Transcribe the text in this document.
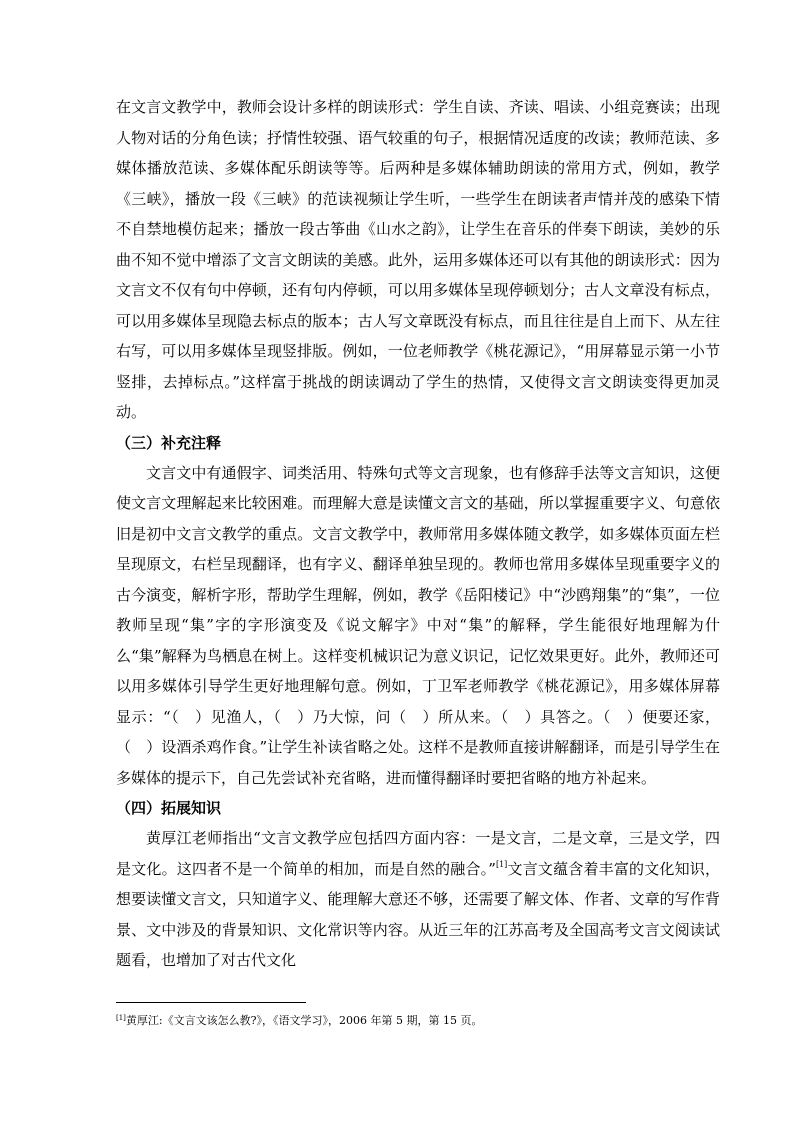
在文言文教学中，教师会设计多样的朗读形式：学生自读、齐读、唱读、小组竞赛读；出现人物对话的分角色读；抒情性较强、语气较重的句子，根据情况适度的改读；教师范读、多媒体播放范读、多媒体配乐朗读等等。后两种是多媒体辅助朗读的常用方式，例如，教学《三峡》，播放一段《三峡》的范读视频让学生听，一些学生在朗读者声情并茂的感染下情不自禁地模仿起来；播放一段古筝曲《山水之韵》，让学生在音乐的伴奏下朗读，美妙的乐曲不知不觉中增添了文言文朗读的美感。此外，运用多媒体还可以有其他的朗读形式：因为文言文不仅有句中停顿，还有句内停顿，可以用多媒体呈现停顿划分；古人文章没有标点，可以用多媒体呈现隐去标点的版本；古人写文章既没有标点，而且往往是自上而下、从左往右写，可以用多媒体呈现竖排版。例如，一位老师教学《桃花源记》，“用屏幕显示第一小节竖排，去掉标点。”这样富于挑战的朗读调动了学生的热情，又使得文言文朗读变得更加灵动。

（三）补充注释

文言文中有通假字、词类活用、特殊句式等文言现象，也有修辞手法等文言知识，这便使文言文理解起来比较困难。而理解大意是读懂文言文的基础，所以掌握重要字义、句意依旧是初中文言文教学的重点。文言文教学中，教师常用多媒体随文教学，如多媒体页面左栏呈现原文，右栏呈现翻译，也有字义、翻译单独呈现的。教师也常用多媒体呈现重要字义的古今演变，解析字形，帮助学生理解，例如，教学《岳阳楼记》中“沙鸥翔集”的“集”，一位教师呈现“集”字的字形演变及《说文解字》中对“集”的解释，学生能很好地理解为什么“集”解释为鸟栖息在树上。这样变机械识记为意义识记，记忆效果更好。此外，教师还可以用多媒体引导学生更好地理解句意。例如，丁卫军老师教学《桃花源记》，用多媒体屏幕显示：“（　）见渔人，（　）乃大惊，问（　）所从来。（　）具答之。（　）便要还家，（　）设酒杀鸡作食。”让学生补读省略之处。这样不是教师直接讲解翻译，而是引导学生在多媒体的提示下，自己先尝试补充省略，进而懂得翻译时要把省略的地方补起来。

（四）拓展知识

黄厚江老师指出“文言文教学应包括四方面内容：一是文言，二是文章，三是文学，四是文化。这四者不是一个简单的相加，而是自然的融合。”[1]文言文蕴含着丰富的文化知识，想要读懂文言文，只知道字义、能理解大意还不够，还需要了解文体、作者、文章的写作背景、文中涉及的背景知识、文化常识等内容。从近三年的江苏高考及全国高考文言文阅读试题看，也增加了对古代文化

[1]黄厚江:《文言文该怎么教?》，《语文学习》，2006 年第 5 期，第 15 页。
